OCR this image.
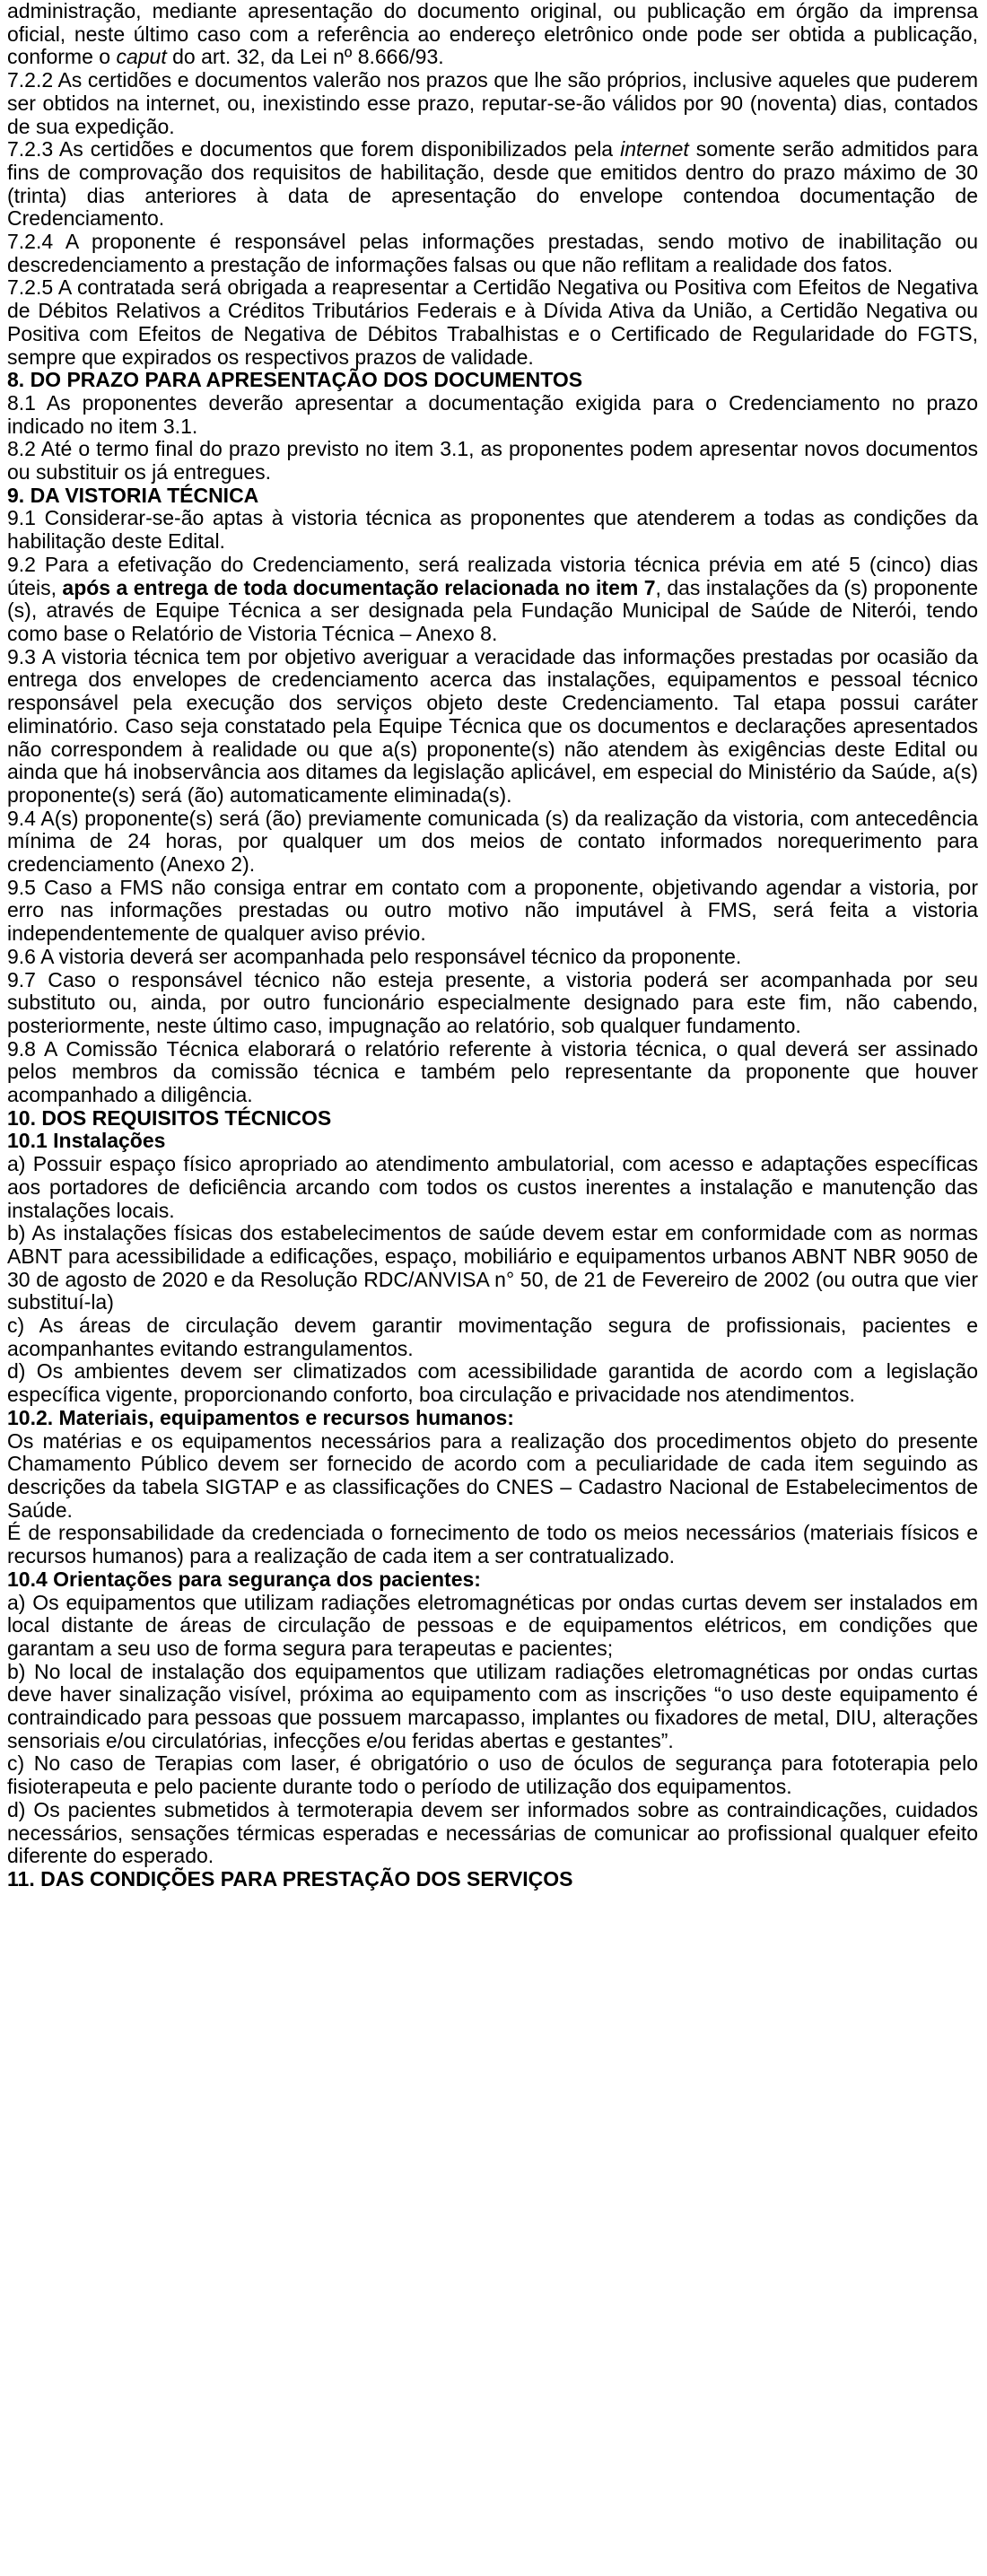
administração, mediante apresentação do documento original, ou publicação em órgão da imprensa oficial, neste último caso com a referência ao endereço eletrônico onde pode ser obtida a publicação, conforme o caput do art. 32, da Lei nº 8.666/93.

7.2.2 As certidões e documentos valerão nos prazos que lhe são próprios, inclusive aqueles que puderem ser obtidos na internet, ou, inexistindo esse prazo, reputar-se-ão válidos por 90 (noventa) dias, contados de sua expedição.

7.2.3 As certidões e documentos que forem disponibilizados pela internet somente serão admitidos para fins de comprovação dos requisitos de habilitação, desde que emitidos dentro do prazo máximo de 30 (trinta) dias anteriores à data de apresentação do envelope contendoa documentação de Credenciamento.

7.2.4 A proponente é responsável pelas informações prestadas, sendo motivo de inabilitação ou descredenciamento a prestação de informações falsas ou que não reflitam a realidade dos fatos.

7.2.5 A contratada será obrigada a reapresentar a Certidão Negativa ou Positiva com Efeitos de Negativa de Débitos Relativos a Créditos Tributários Federais e à Dívida Ativa da União, a Certidão Negativa ou Positiva com Efeitos de Negativa de Débitos Trabalhistas e o Certificado de Regularidade do FGTS, sempre que expirados os respectivos prazos de validade.

8. DO PRAZO PARA APRESENTAÇÃO DOS DOCUMENTOS

8.1 As proponentes deverão apresentar a documentação exigida para o Credenciamento no prazo indicado no item 3.1.

8.2 Até o termo final do prazo previsto no item 3.1, as proponentes podem apresentar novos documentos ou substituir os já entregues.

9. DA VISTORIA TÉCNICA

9.1 Considerar-se-ão aptas à vistoria técnica as proponentes que atenderem a todas as condições da habilitação deste Edital.

9.2 Para a efetivação do Credenciamento, será realizada vistoria técnica prévia em até 5 (cinco) dias úteis, após a entrega de toda documentação relacionada no item 7, das instalações da (s) proponente (s), através de Equipe Técnica a ser designada pela Fundação Municipal de Saúde de Niterói, tendo como base o Relatório de Vistoria Técnica – Anexo 8.

9.3 A vistoria técnica tem por objetivo averiguar a veracidade das informações prestadas por ocasião da entrega dos envelopes de credenciamento acerca das instalações, equipamentos e pessoal técnico responsável pela execução dos serviços objeto deste Credenciamento. Tal etapa possui caráter eliminatório. Caso seja constatado pela Equipe Técnica que os documentos e declarações apresentados não correspondem à realidade ou que a(s) proponente(s) não atendem às exigências deste Edital ou ainda que há inobservância aos ditames da legislação aplicável, em especial do Ministério da Saúde, a(s) proponente(s) será (ão) automaticamente eliminada(s).

9.4 A(s) proponente(s) será (ão) previamente comunicada (s) da realização da vistoria, com antecedência mínima de 24 horas, por qualquer um dos meios de contato informados norequerimento para credenciamento (Anexo 2).

9.5 Caso a FMS não consiga entrar em contato com a proponente, objetivando agendar a vistoria, por erro nas informações prestadas ou outro motivo não imputável à FMS, será feita a vistoria independentemente de qualquer aviso prévio.

9.6 A vistoria deverá ser acompanhada pelo responsável técnico da proponente.

9.7 Caso o responsável técnico não esteja presente, a vistoria poderá ser acompanhada por seu substituto ou, ainda, por outro funcionário especialmente designado para este fim, não cabendo, posteriormente, neste último caso, impugnação ao relatório, sob qualquer fundamento.

9.8 A Comissão Técnica elaborará o relatório referente à vistoria técnica, o qual deverá ser assinado pelos membros da comissão técnica e também pelo representante da proponente que houver acompanhado a diligência.

10. DOS REQUISITOS TÉCNICOS

10.1 Instalações

a) Possuir espaço físico apropriado ao atendimento ambulatorial, com acesso e adaptações específicas aos portadores de deficiência arcando com todos os custos inerentes a instalação e manutenção das instalações locais.

b) As instalações físicas dos estabelecimentos de saúde devem estar em conformidade com as normas ABNT para acessibilidade a edificações, espaço, mobiliário e equipamentos urbanos ABNT NBR 9050 de 30 de agosto de 2020 e da Resolução RDC/ANVISA n° 50, de 21 de Fevereiro de 2002 (ou outra que vier substituí-la)

c) As áreas de circulação devem garantir movimentação segura de profissionais, pacientes e acompanhantes evitando estrangulamentos.

d) Os ambientes devem ser climatizados com acessibilidade garantida de acordo com a legislação específica vigente, proporcionando conforto, boa circulação e privacidade nos atendimentos.

10.2. Materiais, equipamentos e recursos humanos:

Os matérias e os equipamentos necessários para a realização dos procedimentos objeto do presente Chamamento Público devem ser fornecido de acordo com a peculiaridade de cada item seguindo as descrições da tabela SIGTAP e as classificações do CNES – Cadastro Nacional de Estabelecimentos de Saúde.

É de responsabilidade da credenciada o fornecimento de todo os meios necessários (materiais físicos e recursos humanos) para a realização de cada item a ser contratualizado.

10.4 Orientações para segurança dos pacientes:

a) Os equipamentos que utilizam radiações eletromagnéticas por ondas curtas devem ser instalados em local distante de áreas de circulação de pessoas e de equipamentos elétricos, em condições que garantam a seu uso de forma segura para terapeutas e pacientes;

b) No local de instalação dos equipamentos que utilizam radiações eletromagnéticas por ondas curtas deve haver sinalização visível, próxima ao equipamento com as inscrições “o uso deste equipamento é contraindicado para pessoas que possuem marcapasso, implantes ou fixadores de metal, DIU, alterações sensoriais e/ou circulatórias, infecções e/ou feridas abertas e gestantes”.

c) No caso de Terapias com laser, é obrigatório o uso de óculos de segurança para fototerapia pelo fisioterapeuta e pelo paciente durante todo o período de utilização dos equipamentos.

d) Os pacientes submetidos à termoterapia devem ser informados sobre as contraindicações, cuidados necessários, sensações térmicas esperadas e necessárias de comunicar ao profissional qualquer efeito diferente do esperado.

11. DAS CONDIÇÕES PARA PRESTAÇÃO DOS SERVIÇOS
